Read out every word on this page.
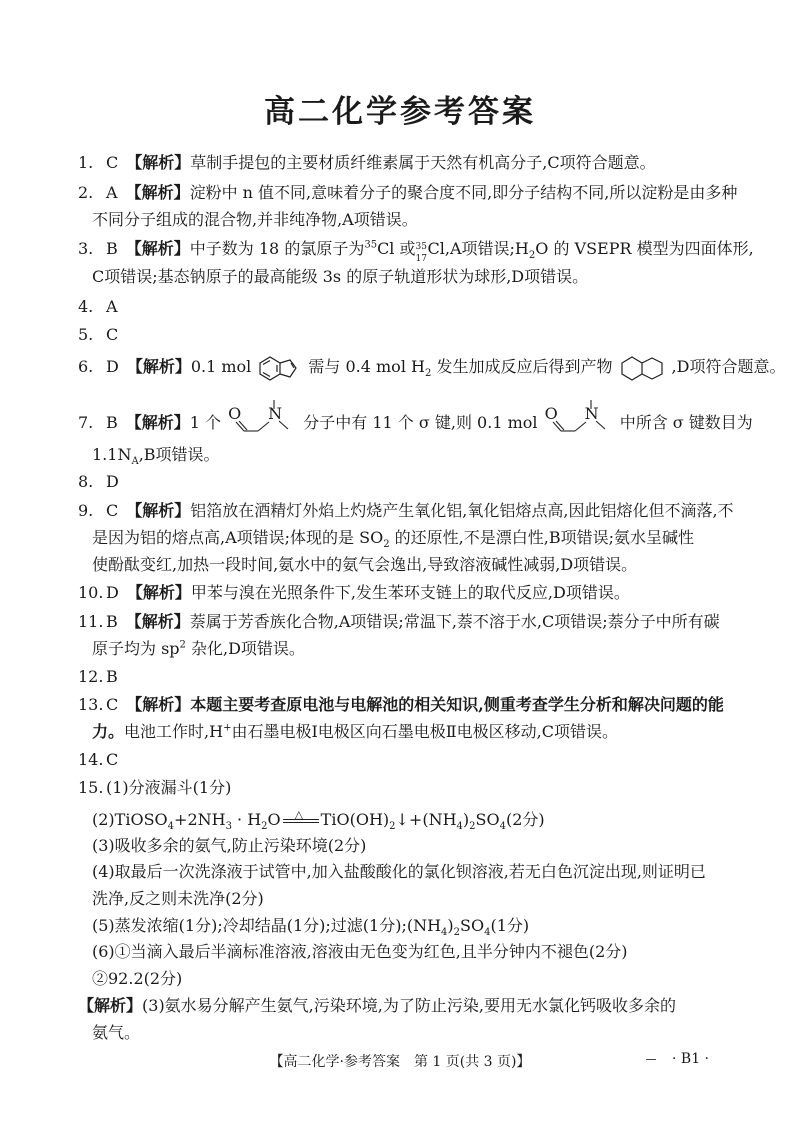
高二化学参考答案
1. C 【解析】草制手提包的主要材质纤维素属于天然有机高分子,C项符合题意。
2. A 【解析】淀粉中 n 值不同,意味着分子的聚合度不同,即分子结构不同,所以淀粉是由多种
不同分子组成的混合物,并非纯净物,A项错误。
3. B 【解析】中子数为 18 的氯原子为$^{35}$Cl 或 35
17
Cl,A项错误$;H_2O$ 的 VSEPR 模型为四面体形,
C项错误;基态钠原子的最高能级 3s 的原子轨道形状为球形,D项错误。
4. A
5. C
6. D 【解析】0.1 mol	需与 0.4 mol $H_2$ 发生加成反应后得到产物	,D项符合题意。
7. B 【解析】1 个 O N 分子中有 11 个 σ 键,则 0.1 mol O N 中所含 σ 键数目为
$1.1N_A,B$项错误。
8. D
9. C 【解析】铝箔放在酒精灯外焰上灼烧产生氧化铝,氧化铝熔点高,因此铝熔化但不滴落,不
是因为铝的熔点高,A项错误;体现的是 $SO_2$ 的还原性,不是漂白性,B项错误;氨水呈碱性
使酚酞变红,加热一段时间,氨水中的氨气会逸出,导致溶液碱性减弱,D项错误。
10. D 【解析】甲苯与溴在光照条件下,发生苯环支链上的取代反应,D项错误。
11. B 【解析】萘属于芳香族化合物,A项错误;常温下,萘不溶于水,C项错误;萘分子中所有碳
原子均为 $sp^2$ 杂化,D项错误。
12. B
13. C 【解析】本题主要考查原电池与电解池的相关知识,侧重考查学生分析和解决问题的能
力。电池工作时,H+由石墨电极Ⅰ电极区向石墨电极Ⅱ电极区移动,C项错误。
14. C
15. (1)分液漏斗(1分)
$(2)TiOSO_4+2NH_3 \cdot H_2O$ △ $TiO(OH)_2↓+(NH_4)_2SO_4(2$分)
(3)吸收多余的氨气,防止污染环境(2分)
(4)取最后一次洗涤液于试管中,加入盐酸酸化的氯化钡溶液,若无白色沉淀出现,则证明已
洗净,反之则未洗净(2分)
(5)蒸发浓缩(1分);冷却结晶(1分);过滤(1分)$;(NH_4)_2SO_4(1$分)
(6)①当滴入最后半滴标准溶液,溶液由无色变为红色,且半分钟内不褪色(2分)
②92.2(2分)
【解析】(3)氨水易分解产生氨气,污染环境,为了防止污染,要用无水氯化钙吸收多余的
氨气。
【高二化学·参考答案　第 1 页(共 3 页)】	· B1 ·
